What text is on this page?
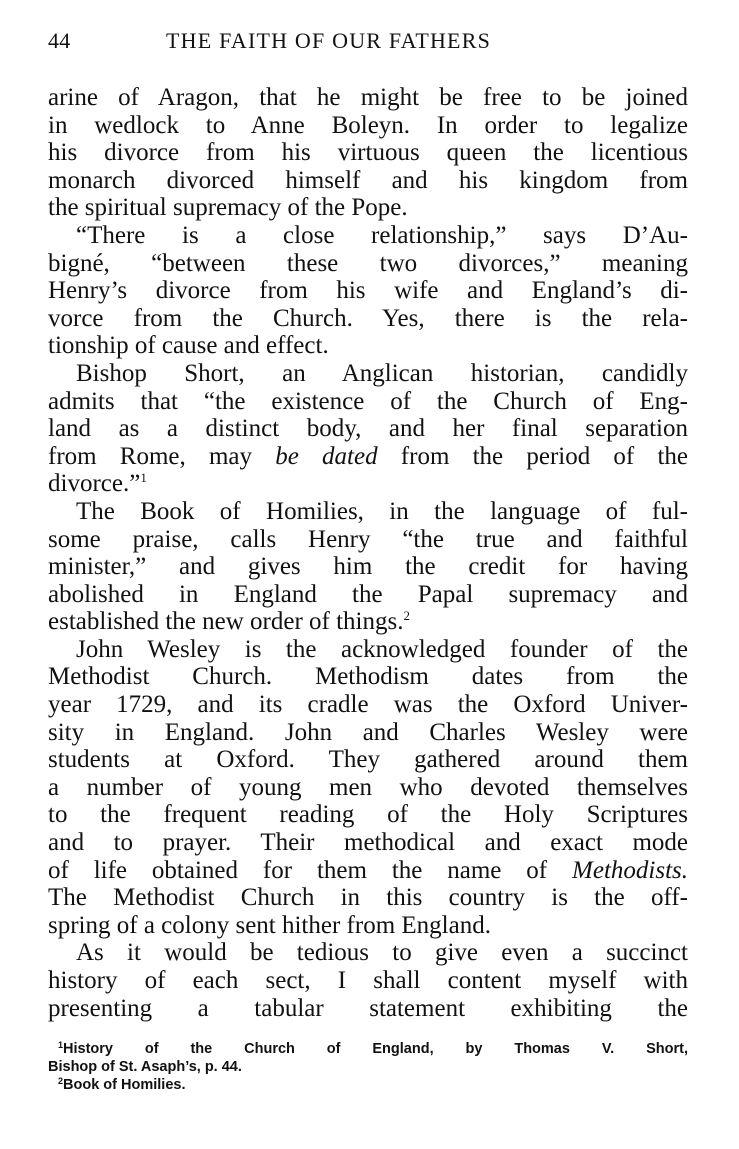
44	THE FAITH OF OUR FATHERS
arine of Aragon, that he might be free to be joined
in wedlock to Anne Boleyn. In order to legalize
his divorce from his virtuous queen the licentious
monarch divorced himself and his kingdom from
the spiritual supremacy of the Pope.
“There is a close relationship,” says D’Au-
bigné, “between these two divorces,” meaning
Henry’s divorce from his wife and England’s di-
vorce from the Church. Yes, there is the rela-
tionship of cause and effect.
Bishop Short, an Anglican historian, candidly
admits that “the existence of the Church of Eng-
land as a distinct body, and her final separation
from Rome, may be dated from the period of the
divorce.”$^1$
The Book of Homilies, in the language of ful-
some praise, calls Henry “the true and faithful
minister,” and gives him the credit for having
abolished in England the Papal supremacy and
established the new order of things.$^2$
John Wesley is the acknowledged founder of the
Methodist Church. Methodism dates from the
year 1729, and its cradle was the Oxford Univer-
sity in England. John and Charles Wesley were
students at Oxford. They gathered around them
a number of young men who devoted themselves
to the frequent reading of the Holy Scriptures
and to prayer. Their methodical and exact mode
of life obtained for them the name of Methodists.
The Methodist Church in this country is the off-
spring of a colony sent hither from England.
As it would be tedious to give even a succinct
history of each sect, I shall content myself with
presenting a tabular statement exhibiting the
$^1$History of the Church of England, by Thomas V. Short,
Bishop of St. Asaph’s, p. 44.
$^2$Book of Homilies.
